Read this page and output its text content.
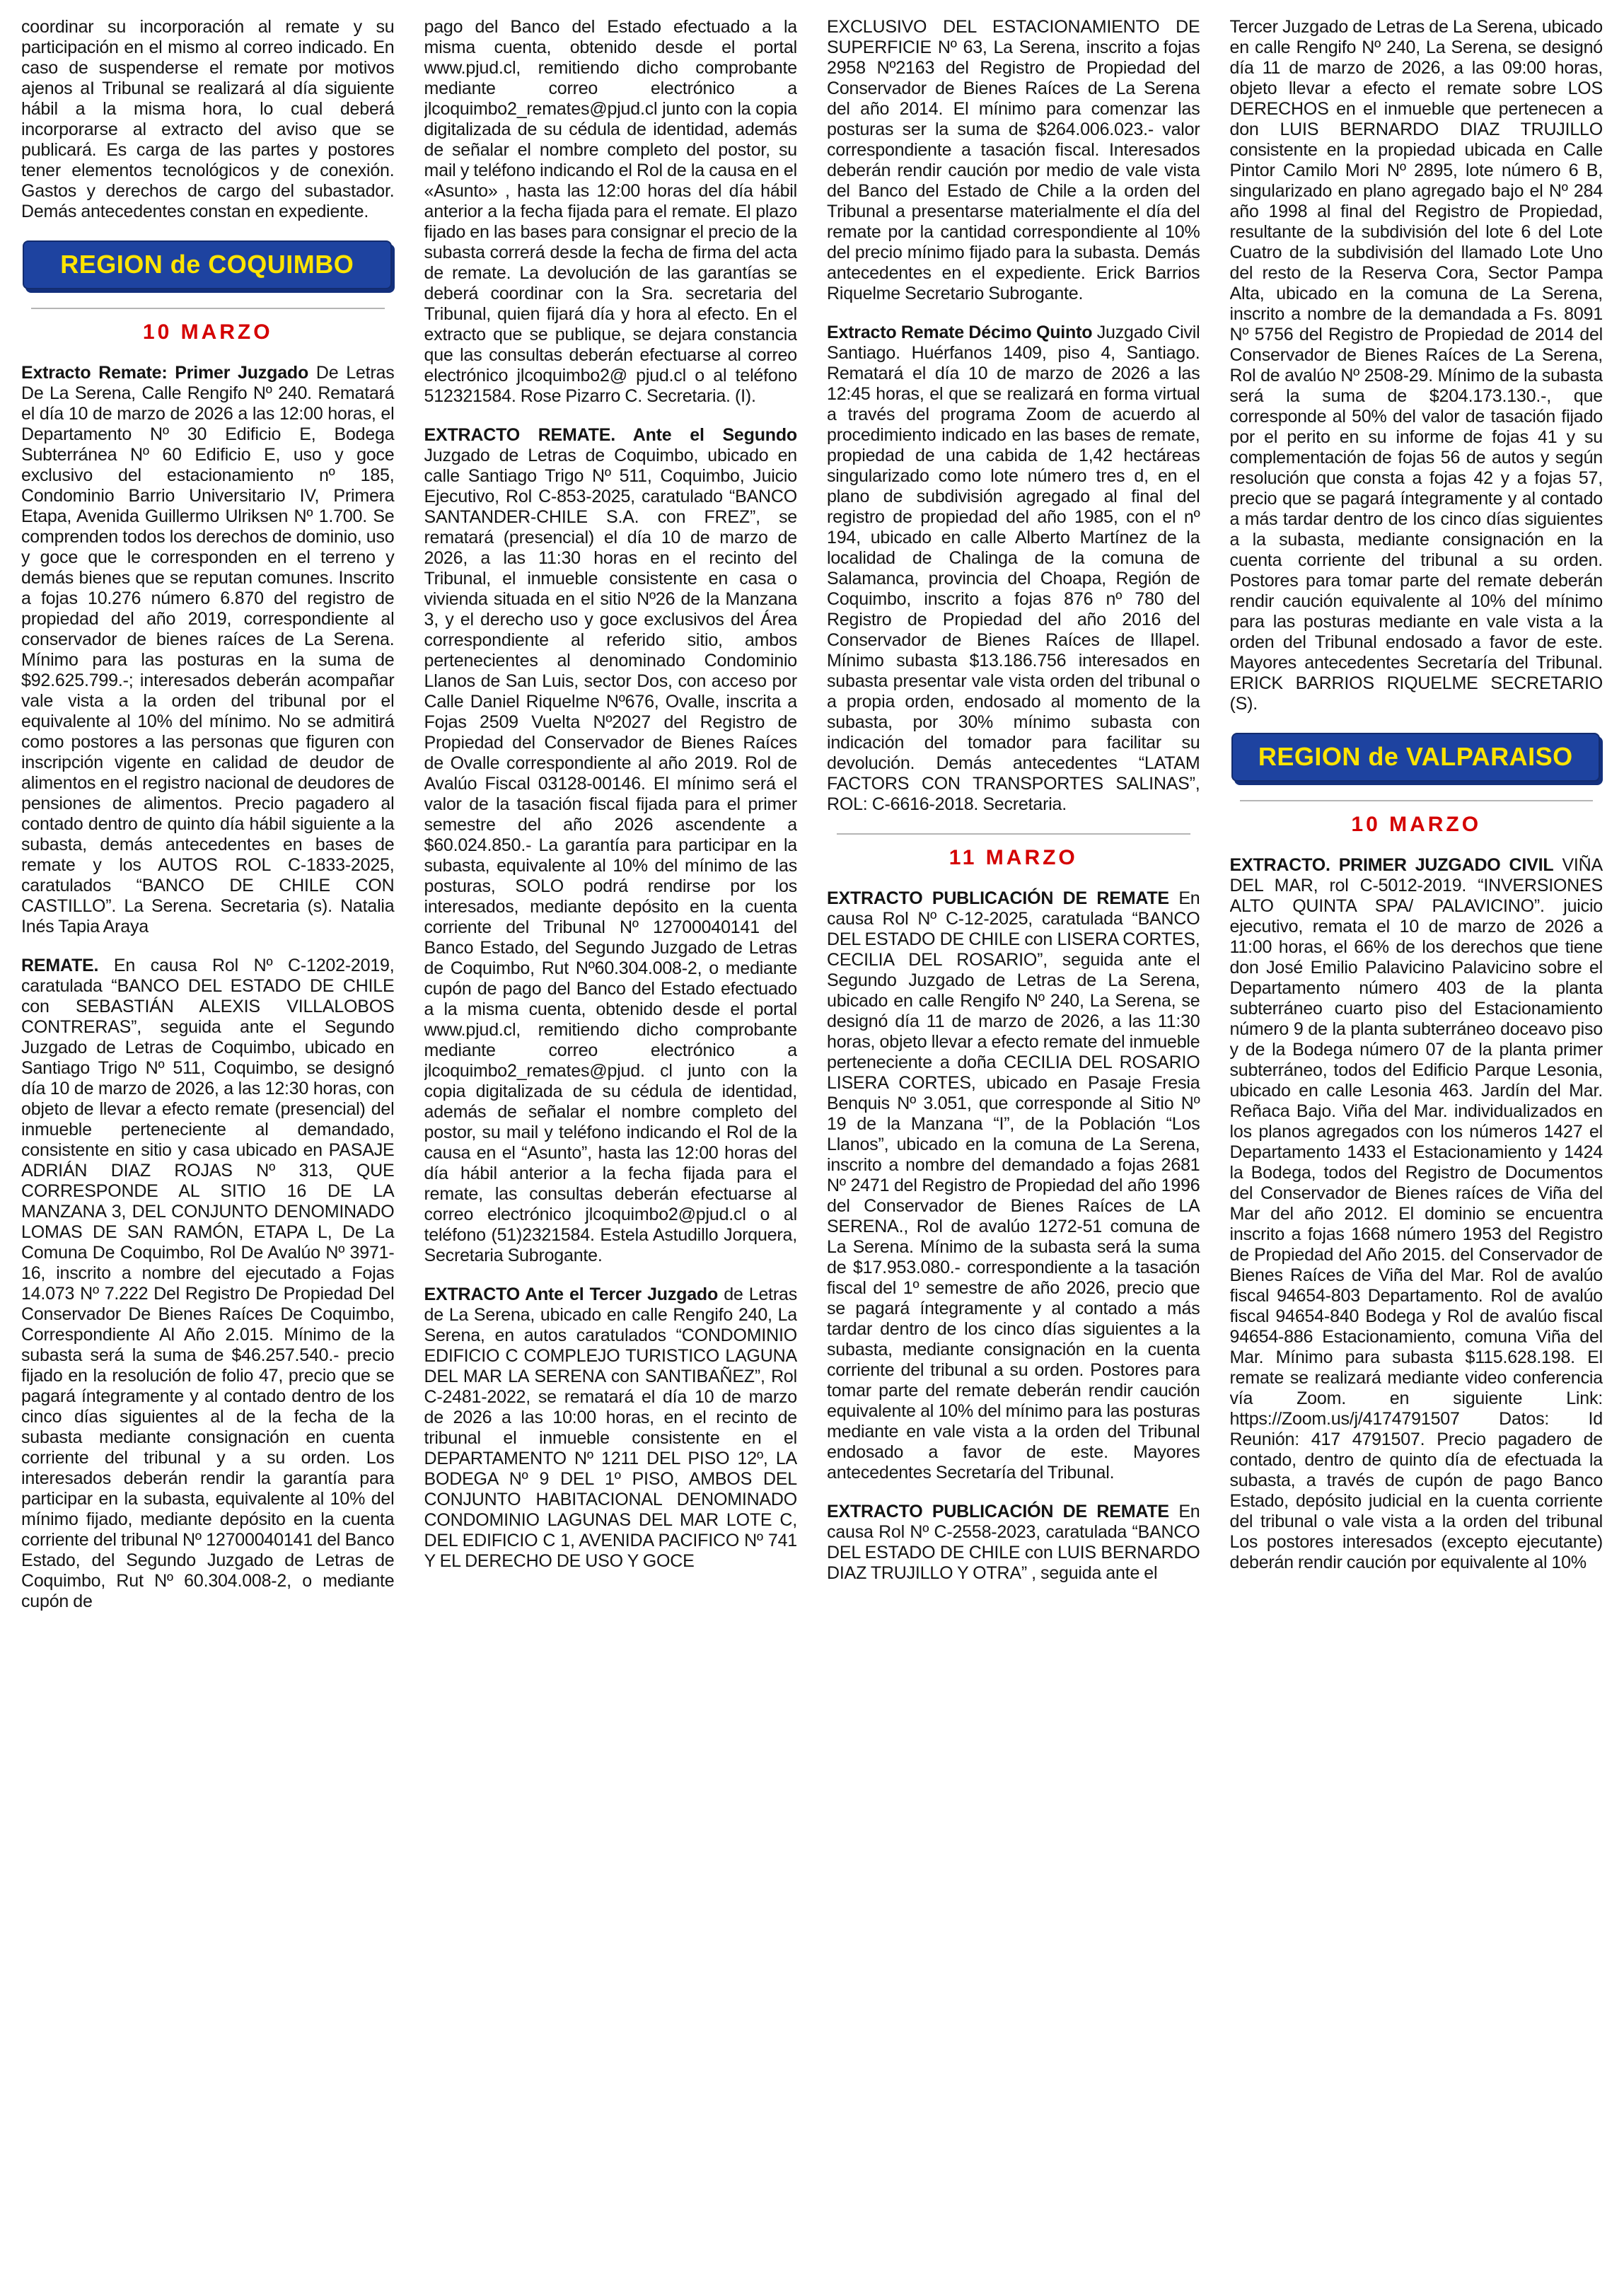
coordinar su incorporación al remate y su participación en el mismo al correo indicado. En caso de suspenderse el remate por motivos ajenos aI Tribunal se realizará al día siguiente hábil a la misma hora, lo cual deberá incorporarse al extracto del aviso que se publicará. Es carga de las partes y postores tener elementos tecnológicos y de conexión. Gastos y derechos de cargo del subastador. Demás antecedentes constan en expediente.

REGION de COQUIMBO
10 MARZO

Extracto Remate: Primer Juzgado De Letras De La Serena, Calle Rengifo Nº 240. Rematará el día 10 de marzo de 2026 a las 12:00 horas, el Departamento Nº 30 Edificio E, Bodega Subterránea Nº 60 Edificio E, uso y goce exclusivo del estacionamiento nº 185, Condominio Barrio Universitario IV, Primera Etapa, Avenida Guillermo Ulriksen Nº 1.700. Se comprenden todos los derechos de dominio, uso y goce que le corresponden en el terreno y demás bienes que se reputan comunes. Inscrito a fojas 10.276 número 6.870 del registro de propiedad del año 2019, correspondiente al conservador de bienes raíces de La Serena. Mínimo para las posturas en la suma de $92.625.799.-; interesados deberán acompañar vale vista a la orden del tribunal por el equivalente al 10% del mínimo. No se admitirá como postores a las personas que figuren con inscripción vigente en calidad de deudor de alimentos en el registro nacional de deudores de pensiones de alimentos. Precio pagadero al contado dentro de quinto día hábil siguiente a la subasta, demás antecedentes en bases de remate y los AUTOS ROL C-1833-2025, caratulados “BANCO DE CHILE CON CASTILLO”. La Serena. Secretaria (s). Natalia Inés Tapia Araya

REMATE. En causa Rol Nº C-1202-2019, caratulada “BANCO DEL ESTADO DE CHILE con SEBASTIÁN ALEXIS VILLALOBOS CONTRERAS”, seguida ante el Segundo Juzgado de Letras de Coquimbo, ubicado en Santiago Trigo Nº 511, Coquimbo, se designó día 10 de marzo de 2026, a las 12:30 horas, con objeto de llevar a efecto remate (presencial) del inmueble perteneciente al demandado, consistente en sitio y casa ubicado en PASAJE ADRIÁN DIAZ ROJAS Nº 313, QUE CORRESPONDE AL SITIO 16 DE LA MANZANA 3, DEL CONJUNTO DENOMINADO LOMAS DE SAN RAMÓN, ETAPA L, De La Comuna De Coquimbo, Rol De Avalúo Nº 3971-16, inscrito a nombre del ejecutado a Fojas 14.073 Nº 7.222 Del Registro De Propiedad Del Conservador De Bienes Raíces De Coquimbo, Correspondiente Al Año 2.015. Mínimo de la subasta será la suma de $46.257.540.- precio fijado en la resolución de folio 47, precio que se pagará íntegramente y al contado dentro de los cinco días siguientes al de la fecha de la subasta mediante consignación en cuenta corriente del tribunal y a su orden. Los interesados deberán rendir la garantía para participar en la subasta, equivalente al 10% del mínimo fijado, mediante depósito en la cuenta corriente del tribunal Nº 12700040141 del Banco Estado, del Segundo Juzgado de Letras de Coquimbo, Rut Nº 60.304.008-2, o mediante cupón de

pago del Banco del Estado efectuado a la misma cuenta, obtenido desde el portal www.pjud.cl, remitiendo dicho comprobante mediante correo electrónico a jlcoquimbo2_remates@pjud.cl junto con la copia digitalizada de su cédula de identidad, además de señalar el nombre completo del postor, su mail y teléfono indicando el Rol de la causa en el «Asunto» , hasta las 12:00 horas del día hábil anterior a la fecha fijada para el remate. El plazo fijado en las bases para consignar el precio de la subasta correrá desde la fecha de firma del acta de remate. La devolución de las garantías se deberá coordinar con la Sra. secretaria del Tribunal, quien fijará día y hora al efecto. En el extracto que se publique, se dejara constancia que las consultas deberán efectuarse al correo electrónico jlcoquimbo2@ pjud.cl o al teléfono 512321584. Rose Pizarro C. Secretaria. (I).

EXTRACTO REMATE. Ante el Segundo Juzgado de Letras de Coquimbo, ubicado en calle Santiago Trigo Nº 511, Coquimbo, Juicio Ejecutivo, Rol C-853-2025, caratulado “BANCO SANTANDER-CHILE S.A. con FREZ”, se rematará (presencial) el día 10 de marzo de 2026, a las 11:30 horas en el recinto del Tribunal, el inmueble consistente en casa o vivienda situada en el sitio Nº26 de la Manzana 3, y el derecho uso y goce exclusivos del Área correspondiente al referido sitio, ambos pertenecientes al denominado Condominio Llanos de San Luis, sector Dos, con acceso por Calle Daniel Riquelme Nº676, Ovalle, inscrita a Fojas 2509 Vuelta Nº2027 del Registro de Propiedad del Conservador de Bienes Raíces de Ovalle correspondiente al año 2019. Rol de Avalúo Fiscal 03128-00146. El mínimo será el valor de la tasación fiscal fijada para el primer semestre del año 2026 ascendente a $60.024.850.- La garantía para participar en la subasta, equivalente al 10% del mínimo de las posturas, SOLO podrá rendirse por los interesados, mediante depósito en la cuenta corriente del Tribunal Nº 12700040141 del Banco Estado, del Segundo Juzgado de Letras de Coquimbo, Rut Nº60.304.008-2, o mediante cupón de pago del Banco del Estado efectuado a la misma cuenta, obtenido desde el portal www.pjud.cl, remitiendo dicho comprobante mediante correo electrónico a jlcoquimbo2_remates@pjud. cl junto con la copia digitalizada de su cédula de identidad, además de señalar el nombre completo del postor, su mail y teléfono indicando el Rol de la causa en el “Asunto”, hasta las 12:00 horas del día hábil anterior a la fecha fijada para el remate, las consultas deberán efectuarse al correo electrónico jlcoquimbo2@pjud.cl o al teléfono (51)2321584. Estela Astudillo Jorquera, Secretaria Subrogante.

EXTRACTO Ante el Tercer Juzgado de Letras de La Serena, ubicado en calle Rengifo 240, La Serena, en autos caratulados “CONDOMINIO EDIFICIO C COMPLEJO TURISTICO LAGUNA DEL MAR LA SERENA con SANTIBAÑEZ”, Rol C-2481-2022, se rematará el día 10 de marzo de 2026 a las 10:00 horas, en el recinto de tribunal el inmueble consistente en el DEPARTAMENTO Nº 1211 DEL PISO 12º, LA BODEGA Nº 9 DEL 1º PISO, AMBOS DEL CONJUNTO HABITACIONAL DENOMINADO CONDOMINIO LAGUNAS DEL MAR LOTE C, DEL EDIFICIO C 1, AVENIDA PACIFICO Nº 741 Y EL DERECHO DE USO Y GOCE

EXCLUSIVO DEL ESTACIONAMIENTO DE SUPERFICIE Nº 63, La Serena, inscrito a fojas 2958 Nº2163 del Registro de Propiedad del Conservador de Bienes Raíces de La Serena del año 2014. El mínimo para comenzar las posturas ser la suma de $264.006.023.- valor correspondiente a tasación fiscal. Interesados deberán rendir caución por medio de vale vista del Banco del Estado de Chile a la orden del Tribunal a presentarse materialmente el día del remate por la cantidad correspondiente al 10% del precio mínimo fijado para la subasta. Demás antecedentes en el expediente. Erick Barrios Riquelme Secretario Subrogante.

Extracto Remate Décimo Quinto Juzgado Civil Santiago. Huérfanos 1409, piso 4, Santiago. Rematará el día 10 de marzo de 2026 a las 12:45 horas, el que se realizará en forma virtual a través del programa Zoom de acuerdo al procedimiento indicado en las bases de remate, propiedad de una cabida de 1,42 hectáreas singularizado como lote número tres d, en el plano de subdivisión agregado al final del registro de propiedad del año 1985, con el nº 194, ubicado en calle Alberto Martínez de la localidad de Chalinga de la comuna de Salamanca, provincia del Choapa, Región de Coquimbo, inscrito a fojas 876 nº 780 del Registro de Propiedad del año 2016 del Conservador de Bienes Raíces de Illapel. Mínimo subasta $13.186.756 interesados en subasta presentar vale vista orden del tribunal o a propia orden, endosado al momento de la subasta, por 30% mínimo subasta con indicación del tomador para facilitar su devolución. Demás antecedentes “LATAM FACTORS CON TRANSPORTES SALINAS”, ROL: C-6616-2018. Secretaria.

11 MARZO

EXTRACTO PUBLICACIÓN DE REMATE En causa Rol Nº C-12-2025, caratulada “BANCO DEL ESTADO DE CHILE con LISERA CORTES, CECILIA DEL ROSARIO”, seguida ante el Segundo Juzgado de Letras de La Serena, ubicado en calle Rengifo Nº 240, La Serena, se designó día 11 de marzo de 2026, a las 11:30 horas, objeto llevar a efecto remate del inmueble perteneciente a doña CECILIA DEL ROSARIO LISERA CORTES, ubicado en Pasaje Fresia Benquis Nº 3.051, que corresponde al Sitio Nº 19 de la Manzana “I”, de la Población “Los Llanos”, ubicado en la comuna de La Serena, inscrito a nombre del demandado a fojas 2681 Nº 2471 del Registro de Propiedad del año 1996 del Conservador de Bienes Raíces de LA SERENA., Rol de avalúo 1272-51 comuna de La Serena. Mínimo de la subasta será la suma de $17.953.080.- correspondiente a la tasación fiscal del 1º semestre de año 2026, precio que se pagará íntegramente y al contado a más tardar dentro de los cinco días siguientes a la subasta, mediante consignación en la cuenta corriente del tribunal a su orden. Postores para tomar parte del remate deberán rendir caución equivalente al 10% del mínimo para las posturas mediante en vale vista a la orden del Tribunal endosado a favor de este. Mayores antecedentes Secretaría del Tribunal.

EXTRACTO PUBLICACIÓN DE REMATE En causa Rol Nº C-2558-2023, caratulada “BANCO DEL ESTADO DE CHILE con LUIS BERNARDO DIAZ TRUJILLO Y OTRA” , seguida ante el

Tercer Juzgado de Letras de La Serena, ubicado en calle Rengifo Nº 240, La Serena, se designó día 11 de marzo de 2026, a las 09:00 horas, objeto llevar a efecto el remate sobre LOS DERECHOS en el inmueble que pertenecen a don LUIS BERNARDO DIAZ TRUJILLO consistente en la propiedad ubicada en Calle Pintor Camilo Mori Nº 2895, lote número 6 B, singularizado en plano agregado bajo el Nº 284 año 1998 al final del Registro de Propiedad, resultante de la subdivisión del lote 6 del Lote Cuatro de la subdivisión del llamado Lote Uno del resto de la Reserva Cora, Sector Pampa Alta, ubicado en la comuna de La Serena, inscrito a nombre de la demandada a Fs. 8091 Nº 5756 del Registro de Propiedad de 2014 del Conservador de Bienes Raíces de La Serena, Rol de avalúo Nº 2508-29. Mínimo de la subasta será la suma de $204.173.130.-, que corresponde al 50% del valor de tasación fijado por el perito en su informe de fojas 41 y su complementación de fojas 56 de autos y según resolución que consta a fojas 42 y a fojas 57, precio que se pagará íntegramente y al contado a más tardar dentro de los cinco días siguientes a la subasta, mediante consignación en la cuenta corriente del tribunal a su orden. Postores para tomar parte del remate deberán rendir caución equivalente al 10% del mínimo para las posturas mediante en vale vista a la orden del Tribunal endosado a favor de este. Mayores antecedentes Secretaría del Tribunal. ERICK BARRIOS RIQUELME SECRETARIO (S).

REGION de VALPARAISO
10 MARZO

EXTRACTO. PRIMER JUZGADO CIVIL VIÑA DEL MAR, rol C-5012-2019. “INVERSIONES ALTO QUINTA SPA/ PALAVICINO”. juicio ejecutivo, remata el 10 de marzo de 2026 a 11:00 horas, el 66% de los derechos que tiene don José Emilio Palavicino Palavicino sobre el Departamento número 403 de la planta subterráneo cuarto piso del Estacionamiento número 9 de la planta subterráneo doceavo piso y de la Bodega número 07 de la planta primer subterráneo, todos del Edificio Parque Lesonia, ubicado en calle Lesonia 463. Jardín del Mar. Reñaca Bajo. Viña del Mar. individualizados en los planos agregados con los números 1427 el Departamento 1433 el Estacionamiento y 1424 la Bodega, todos del Registro de Documentos del Conservador de Bienes raíces de Viña del Mar del año 2012. El dominio se encuentra inscrito a fojas 1668 número 1953 del Registro de Propiedad del Año 2015. del Conservador de Bienes Raíces de Viña del Mar. Rol de avalúo fiscal 94654-803 Departamento. Rol de avalúo fiscal 94654-840 Bodega y Rol de avalúo fiscal 94654-886 Estacionamiento, comuna Viña del Mar. Mínimo para subasta $115.628.198. El remate se realizará mediante video conferencia vía Zoom. en siguiente Link: https://Zoom.us/j/4174791507 Datos: Id Reunión: 417 4791507. Precio pagadero de contado, dentro de quinto día de efectuada la subasta, a través de cupón de pago Banco Estado, depósito judicial en la cuenta corriente del tribunal o vale vista a la orden del tribunal Los postores interesados (excepto ejecutante) deberán rendir caución por equivalente al 10%
